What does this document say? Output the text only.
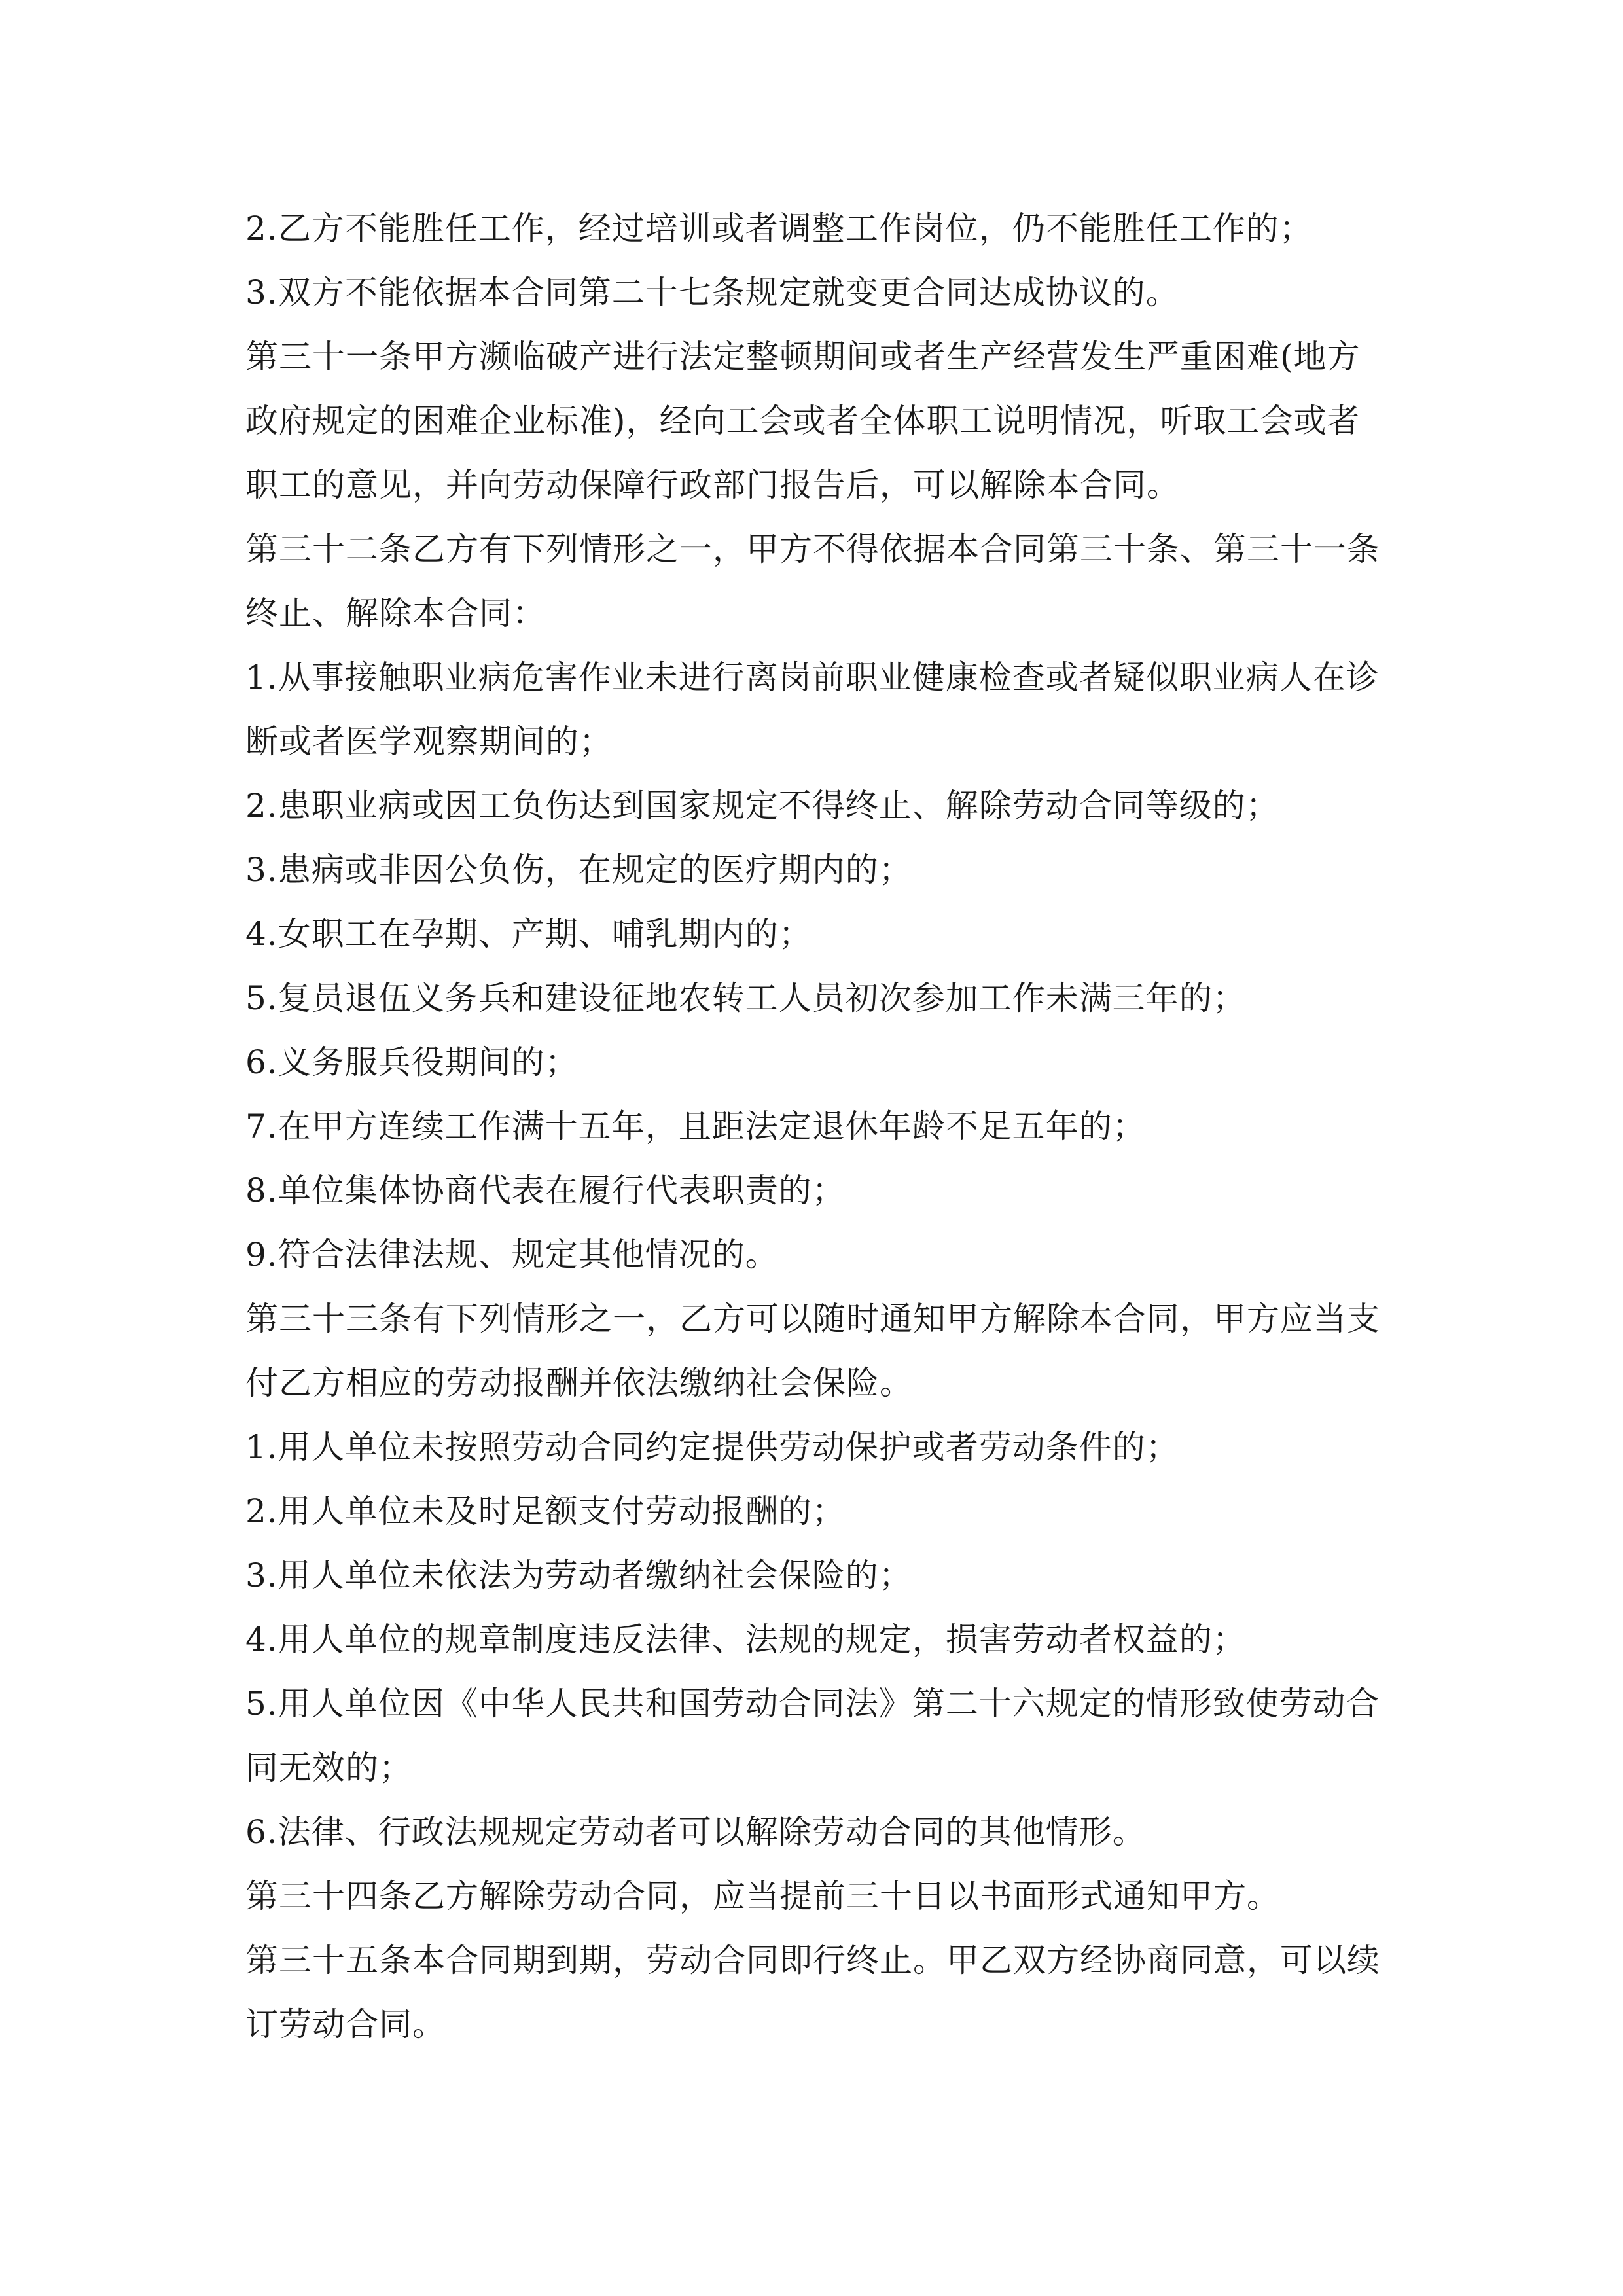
2.乙方不能胜任工作，经过培训或者调整工作岗位，仍不能胜任工作的；

3.双方不能依据本合同第二十七条规定就变更合同达成协议的。

第三十一条甲方濒临破产进行法定整顿期间或者生产经营发生严重困难(地方政府规定的困难企业标准)，经向工会或者全体职工说明情况，听取工会或者职工的意见，并向劳动保障行政部门报告后，可以解除本合同。

第三十二条乙方有下列情形之一，甲方不得依据本合同第三十条、第三十一条终止、解除本合同：

1.从事接触职业病危害作业未进行离岗前职业健康检查或者疑似职业病人在诊断或者医学观察期间的；

2.患职业病或因工负伤达到国家规定不得终止、解除劳动合同等级的；

3.患病或非因公负伤，在规定的医疗期内的；

4.女职工在孕期、产期、哺乳期内的；

5.复员退伍义务兵和建设征地农转工人员初次参加工作未满三年的；

6.义务服兵役期间的；

7.在甲方连续工作满十五年，且距法定退休年龄不足五年的；

8.单位集体协商代表在履行代表职责的；

9.符合法律法规、规定其他情况的。

第三十三条有下列情形之一，乙方可以随时通知甲方解除本合同，甲方应当支付乙方相应的劳动报酬并依法缴纳社会保险。

1.用人单位未按照劳动合同约定提供劳动保护或者劳动条件的；

2.用人单位未及时足额支付劳动报酬的；

3.用人单位未依法为劳动者缴纳社会保险的；

4.用人单位的规章制度违反法律、法规的规定，损害劳动者权益的；

5.用人单位因《中华人民共和国劳动合同法》第二十六规定的情形致使劳动合同无效的；

6.法律、行政法规规定劳动者可以解除劳动合同的其他情形。

第三十四条乙方解除劳动合同，应当提前三十日以书面形式通知甲方。

第三十五条本合同期到期，劳动合同即行终止。甲乙双方经协商同意，可以续订劳动合同。
